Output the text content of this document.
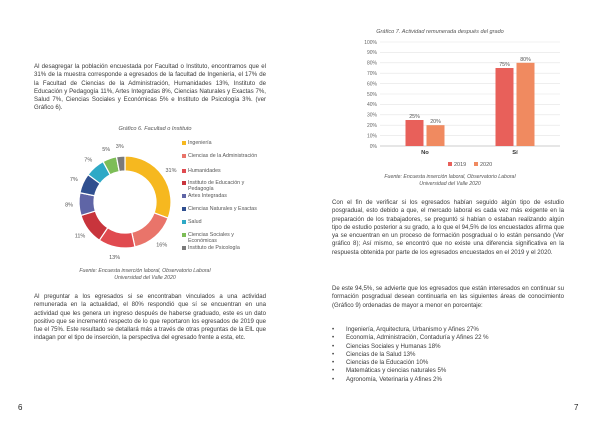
Al desagregar la población encuestada por Facultad o Instituto, encontramos que el 31% de la muestra corresponde a egresados de la facultad de Ingeniería, el 17% de la Facultad de Ciencias de la Administración, Humanidades 13%, Instituto de Educación y Pedagogía 11%, Artes Integradas 8%, Ciencias Naturales y Exactas 7%, Salud 7%, Ciencias Sociales y Económicas 5% e Instituto de Psicología 3%. (ver Gráfico 6).
Gráfico 6. Facultad o Instituto
31%
16%
13%
11%
8%
7%
7%
5%
3%
Ingeniería
Ciencias de la Administración
Humanidades
Instituto de Educación y Pedagogía
Artes Integradas
Ciencias Naturales y Exactas
Salud
Ciencias Sociales y Económicas
Instituto de Psicología
Fuente: Encuesta inserción laboral, Observatorio Laboral
Universidad del Valle 2020
Al preguntar a los egresados si se encontraban vinculados a una actividad remunerada en la actualidad, el 80% respondió que sí se encuentran en una actividad que les genera un ingreso después de haberse graduado, este es un dato positivo que se incrementó respecto de lo que reportaron los egresados de 2019 que fue el 75%. Este resultado se detallará más a través de otras preguntas de la EIL que indagan por el tipo de inserción, la perspectiva del egresado frente a esta, etc.
6
Gráfico 7. Actividad remunerada después del grado
0%
10%
20%
30%
40%
50%
60%
70%
80%
90%
100%
25%
20%
No
75%
80%
Sí
2019	2020
Fuente: Encuesta inserción laboral, Observatorio Laboral
Universidad del Valle 2020
Con el fin de verificar si los egresados habían seguido algún tipo de estudio posgradual, esto debido a que, el mercado laboral es cada vez más exigente en la preparación de los trabajadores, se preguntó si habían o estaban realizando algún tipo de estudio posterior a su grado, a lo que el 94,5% de los encuestados afirma que ya se encuentran en un proceso de formación posgradual o lo están pensando (Ver gráfico 8); Así mismo, se encontró que no existe una diferencia significativa en la respuesta obtenida por parte de los egresados encuestados en el 2019 y el 2020.
De este 94,5%, se advierte que los egresados que están interesados en continuar su formación posgradual desean continuarla en las siguientes áreas de conocimiento (Gráfico 9) ordenadas de mayor a menor en porcentaje:
• Ingeniería, Arquitectura, Urbanismo y Afines 27%
• Economía, Administración, Contaduría y Afines 22 %
• Ciencias Sociales y Humanas 18%
• Ciencias de la Salud 13%
• Ciencias de la Educación 10%
• Matemáticas y ciencias naturales 5%
• Agronomía, Veterinaria y Afines 2%
7
